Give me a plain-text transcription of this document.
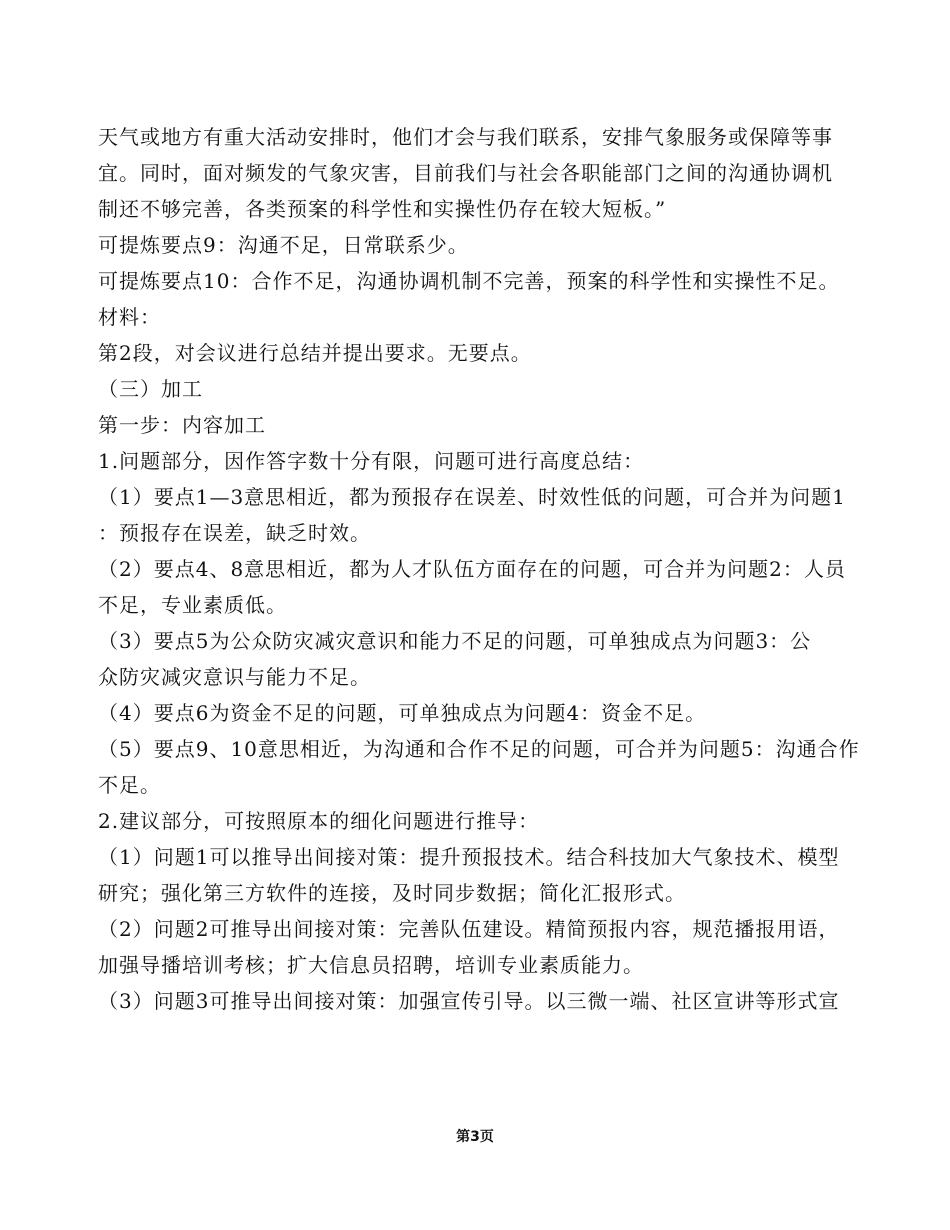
天气或地方有重大活动安排时，他们才会与我们联系，安排气象服务或保障等事
宜。同时，面对频发的气象灾害，目前我们与社会各职能部门之间的沟通协调机
制还不够完善，各类预案的科学性和实操性仍存在较大短板。”
可提炼要点9：沟通不足，日常联系少。
可提炼要点10：合作不足，沟通协调机制不完善，预案的科学性和实操性不足。
材料：
第2段，对会议进行总结并提出要求。无要点。
（三）加工
第一步：内容加工
1.问题部分，因作答字数十分有限，问题可进行高度总结：
（1）要点1—3意思相近，都为预报存在误差、时效性低的问题，可合并为问题1
：预报存在误差，缺乏时效。
（2）要点4、8意思相近，都为人才队伍方面存在的问题，可合并为问题2：人员
不足，专业素质低。
（3）要点5为公众防灾减灾意识和能力不足的问题，可单独成点为问题3：公
众防灾减灾意识与能力不足。
（4）要点6为资金不足的问题，可单独成点为问题4：资金不足。
（5）要点9、10意思相近，为沟通和合作不足的问题，可合并为问题5：沟通合作
不足。
2.建议部分，可按照原本的细化问题进行推导：
（1）问题1可以推导出间接对策：提升预报技术。结合科技加大气象技术、模型
研究；强化第三方软件的连接，及时同步数据；简化汇报形式。
（2）问题2可推导出间接对策：完善队伍建设。精简预报内容，规范播报用语，
加强导播培训考核；扩大信息员招聘，培训专业素质能力。
（3）问题3可推导出间接对策：加强宣传引导。以三微一端、社区宣讲等形式宣
第3页
